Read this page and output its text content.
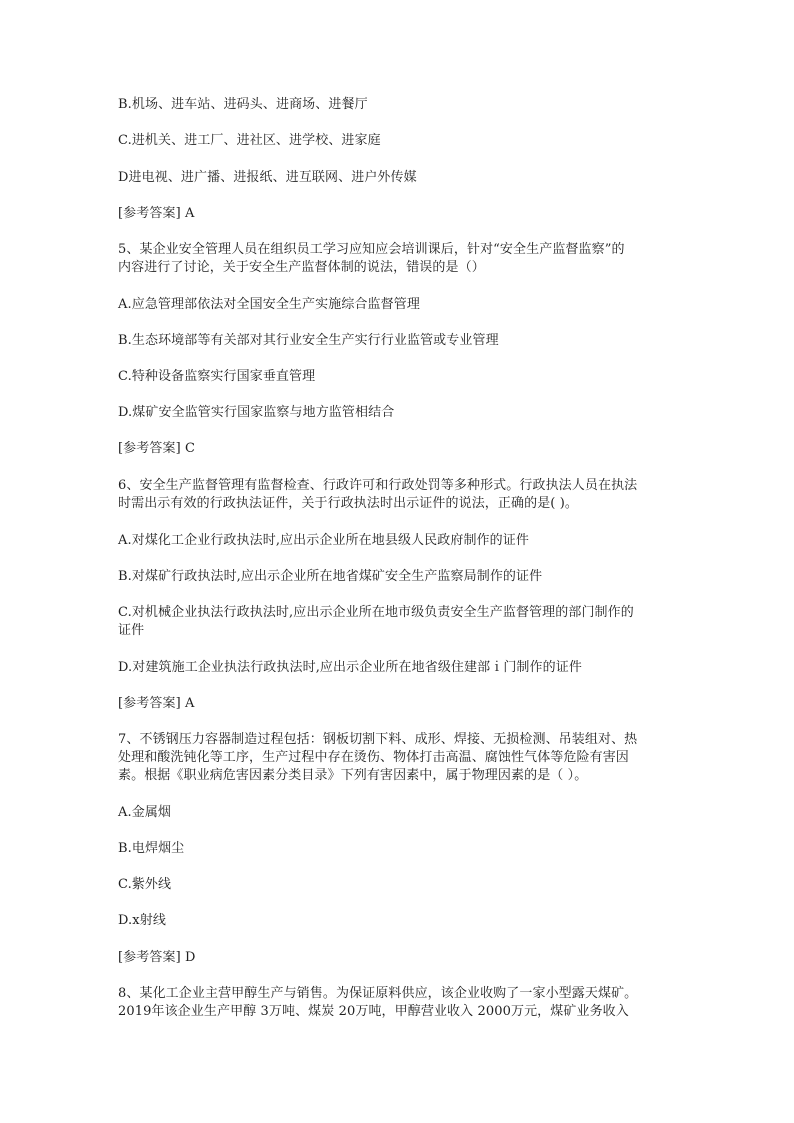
B.机场、进车站、进码头、进商场、进餐厅
C.进机关、进工厂、进社区、进学校、进家庭
D进电视、进广播、进报纸、进互联网、进户外传媒
[参考答案] A
5、某企业安全管理人员在组织员工学习应知应会培训课后，针对“安全生产监督监察”的
内容进行了讨论，关于安全生产监督体制的说法，错误的是（）
A.应急管理部依法对全国安全生产实施综合监督管理
B.生态环境部等有关部对其行业安全生产实行行业监管或专业管理
C.特种设备监察实行国家垂直管理
D.煤矿安全监管实行国家监察与地方监管相结合
[参考答案] C
6、安全生产监督管理有监督检查、行政许可和行政处罚等多种形式。行政执法人员在执法
时需出示有效的行政执法证件，关于行政执法时出示证件的说法，正确的是( )。
A.对煤化工企业行政执法时,应出示企业所在地县级人民政府制作的证件
B.对煤矿行政执法时,应出示企业所在地省煤矿安全生产监察局制作的证件
C.对机械企业执法行政执法时,应出示企业所在地市级负责安全生产监督管理的部门制作的
证件
D.对建筑施工企业执法行政执法时,应出示企业所在地省级住建部ｉ门制作的证件
[参考答案] A
7、不锈钢压力容器制造过程包括：钢板切割下料、成形、焊接、无损检测、吊装组对、热
处理和酸洗钝化等工序，生产过程中存在烫伤、物体打击高温、腐蚀性气体等危险有害因
素。根据《职业病危害因素分类目录》下列有害因素中，属于物理因素的是（ ）。
A.金属烟
B.电焊烟尘
C.紫外线
D.x射线
[参考答案] D
8、某化工企业主营甲醇生产与销售。为保证原料供应，该企业收购了一家小型露天煤矿。
2019年该企业生产甲醇 3万吨、煤炭 20万吨，甲醇营业收入 2000万元，煤矿业务收入
